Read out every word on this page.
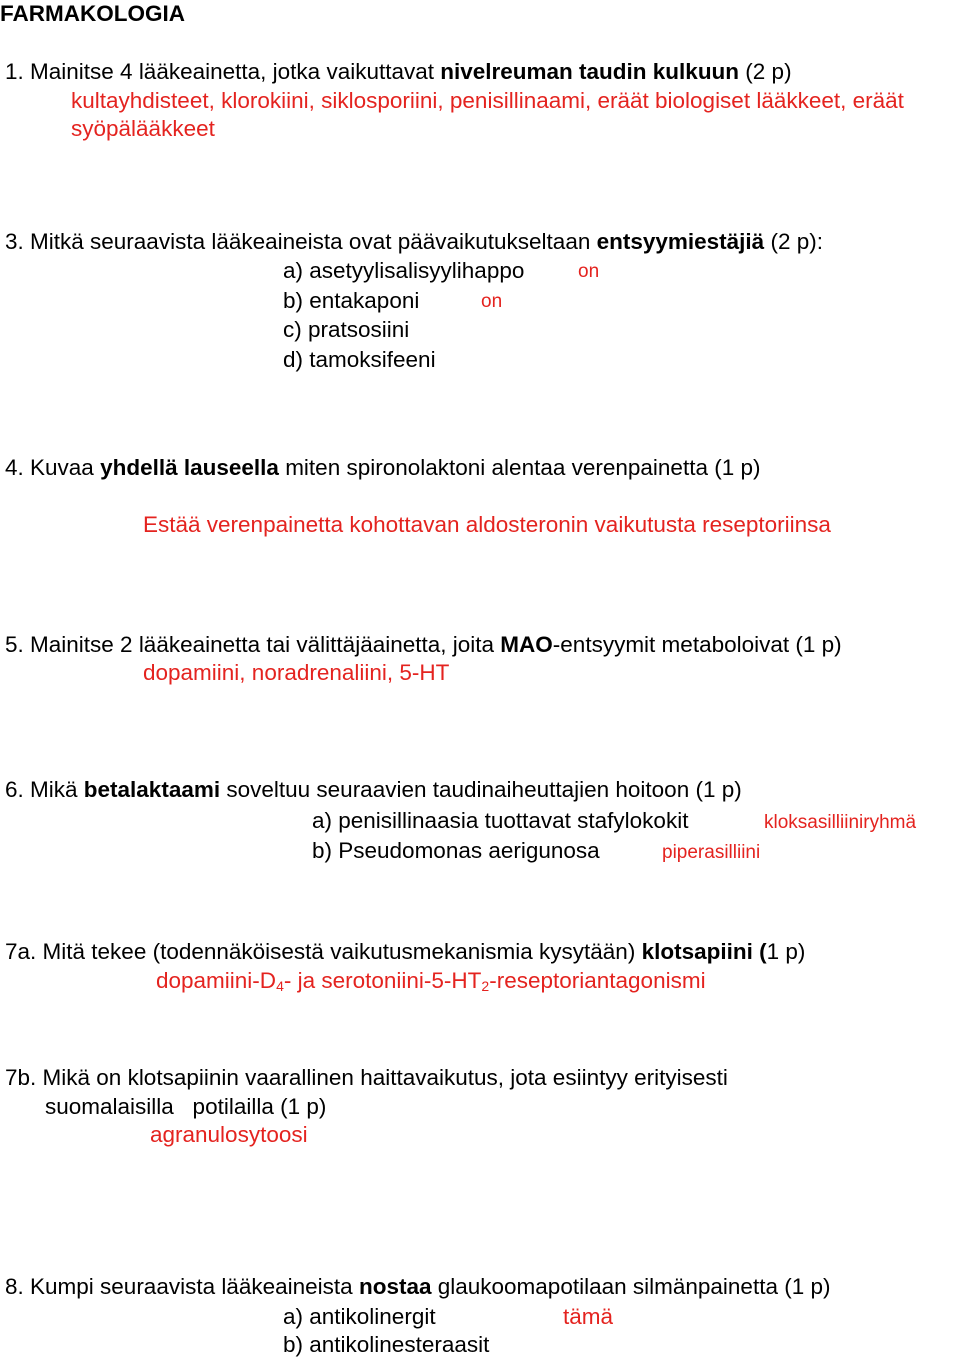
FARMAKOLOGIA
1. Mainitse 4 lääkeainetta, jotka vaikuttavat nivelreuman taudin kulkuun (2 p)
kultayhdisteet, klorokiini, siklosporiini, penisillinaami, eräät biologiset lääkkeet, eräät
syöpälääkkeet
3. Mitkä seuraavista lääkeaineista ovat päävaikutukseltaan entsyymiestäjiä (2 p):
a) asetyylisalisyylihappo	on
b) entakaponi	on
c) pratsosiini
d) tamoksifeeni
4. Kuvaa yhdellä lauseella miten spironolaktoni alentaa verenpainetta (1 p)
Estää verenpainetta kohottavan aldosteronin vaikutusta reseptoriinsa
5. Mainitse 2 lääkeainetta tai välittäjäainetta, joita MAO-entsyymit metaboloivat (1 p)
dopamiini, noradrenaliini, 5-HT
6. Mikä betalaktaami soveltuu seuraavien taudinaiheuttajien hoitoon (1 p)
a) penisillinaasia tuottavat stafylokokit	kloksasilliiniryhmä
b) Pseudomonas aerigunosa	piperasilliini
7a. Mitä tekee (todennäköisestä vaikutusmekanismia kysytään) klotsapiini (1 p)
dopamiini-$D_4-$ ja serotoniini-$5-HT_2$-reseptoriantagonismi
7b. Mikä on klotsapiinin vaarallinen haittavaikutus, jota esiintyy erityisesti
suomalaisilla   potilailla (1 p)
agranulosytoosi
8. Kumpi seuraavista lääkeaineista nostaa glaukoomapotilaan silmänpainetta (1 p)
a) antikolinergit	tämä
b) antikolinesteraasit
